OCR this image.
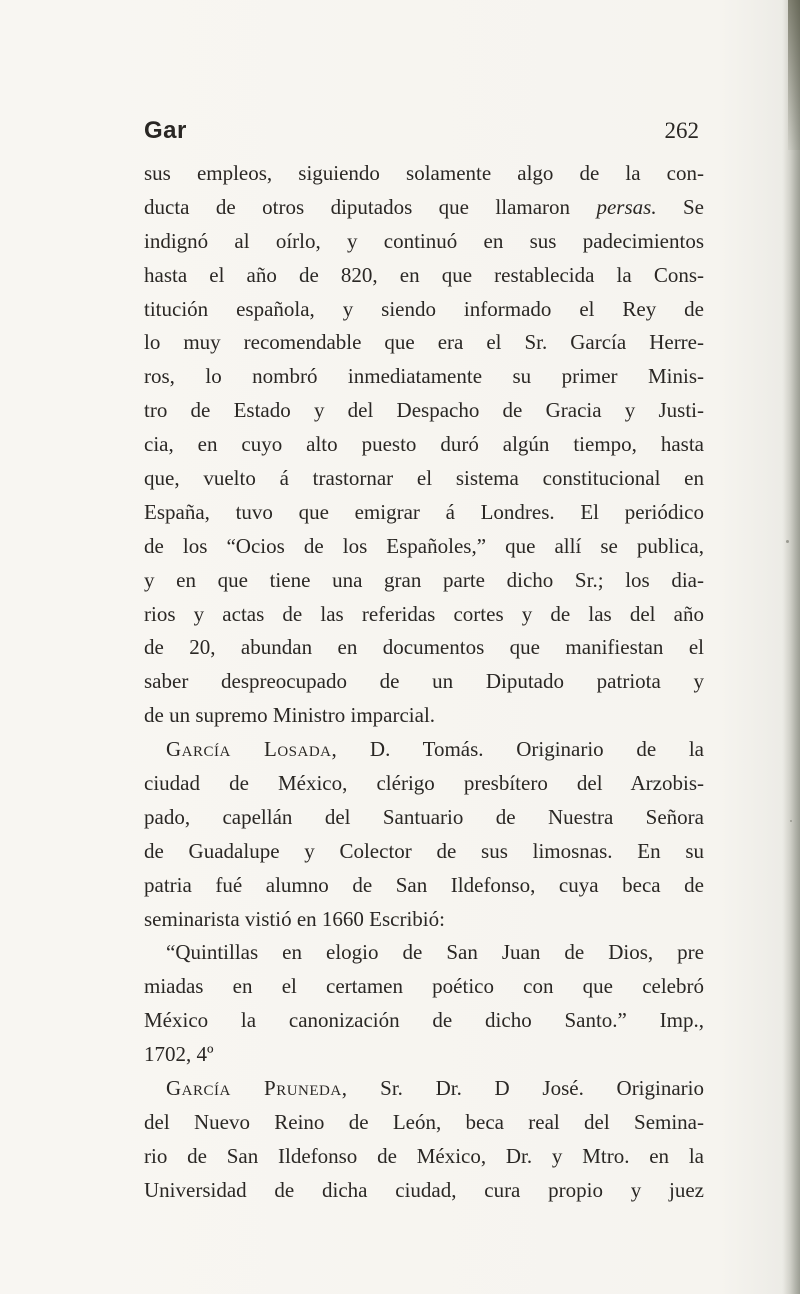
Gar	262
sus empleos, siguiendo solamente algo de la con-
ducta de otros diputados que llamaron persas. Se
indignó al oírlo, y continuó en sus padecimientos
hasta el año de 820, en que restablecida la Cons-
titución española, y siendo informado el Rey de
lo muy recomendable que era el Sr. García Herre-
ros, lo nombró inmediatamente su primer Minis-
tro de Estado y del Despacho de Gracia y Justi-
cia, en cuyo alto puesto duró algún tiempo, hasta
que, vuelto á trastornar el sistema constitucional en
España, tuvo que emigrar á Londres. El periódico
de los “Ocios de los Españoles,” que allí se publica,
y en que tiene una gran parte dicho Sr.; los dia-
rios y actas de las referidas cortes y de las del año
de 20, abundan en documentos que manifiestan el
saber despreocupado de un Diputado patriota y
de un supremo Ministro imparcial.
García Losada, D. Tomás. Originario de la
ciudad de México, clérigo presbítero del Arzobis-
pado, capellán del Santuario de Nuestra Señora
de Guadalupe y Colector de sus limosnas. En su
patria fué alumno de San Ildefonso, cuya beca de
seminarista vistió en 1660 Escribió:
“Quintillas en elogio de San Juan de Dios, pre
miadas en el certamen poético con que celebró
México la canonización de dicho Santo.” Imp.,
1702, 4º
García Pruneda, Sr. Dr. D José. Originario
del Nuevo Reino de León, beca real del Semina-
rio de San Ildefonso de México, Dr. y Mtro. en la
Universidad de dicha ciudad, cura propio y juez
